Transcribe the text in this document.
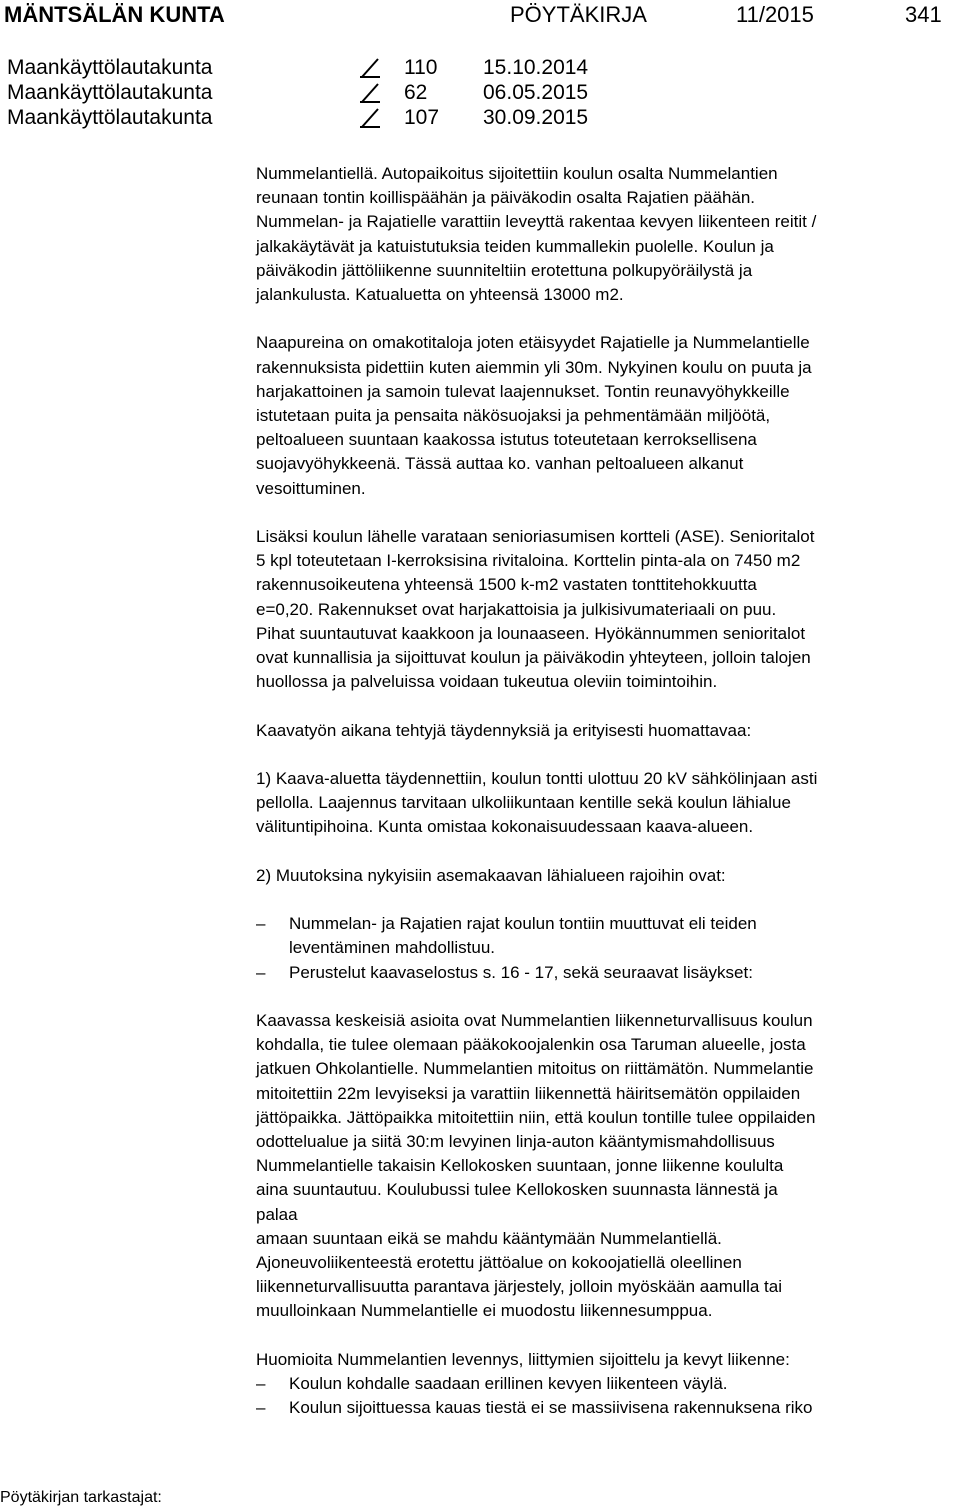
MÄNTSÄLÄN KUNTA	PÖYTÄKIRJA	11/2015	341
Maankäyttölautakunta	110 15.10.2014
Maankäyttölautakunta	62	06.05.2015
Maankäyttölautakunta	107 30.09.2015

Nummelantiellä. Autopaikoitus sijoitettiin koulun osalta Nummelantien
reunaan tontin koillispäähän ja päiväkodin osalta Rajatien päähän.
Nummelan- ja Rajatielle varattiin leveyttä rakentaa kevyen liikenteen reitit /
jalkakäytävät ja katuistutuksia teiden kummallekin puolelle. Koulun ja
päiväkodin jättöliikenne suunniteltiin erotettuna polkupyöräilystä ja
jalankulusta. Katualuetta on yhteensä 13000 m2.

Naapureina on omakotitaloja joten etäisyydet Rajatielle ja Nummelantielle
rakennuksista pidettiin kuten aiemmin yli 30m. Nykyinen koulu on puuta ja
harjakattoinen ja samoin tulevat laajennukset. Tontin reunavyöhykkeille
istutetaan puita ja pensaita näkösuojaksi ja pehmentämään miljöötä,
peltoalueen suuntaan kaakossa istutus toteutetaan kerroksellisena
suojavyöhykkeenä. Tässä auttaa ko. vanhan peltoalueen alkanut
vesoittuminen.

Lisäksi koulun lähelle varataan senioriasumisen kortteli (ASE). Senioritalot
5 kpl toteutetaan I-kerroksisina rivitaloina. Korttelin pinta-ala on 7450 m2
rakennusoikeutena yhteensä 1500 k-m2 vastaten tonttitehokkuutta
e=0,20. Rakennukset ovat harjakattoisia ja julkisivumateriaali on puu.
Pihat suuntautuvat kaakkoon ja lounaaseen. Hyökännummen senioritalot
ovat kunnallisia ja sijoittuvat koulun ja päiväkodin yhteyteen, jolloin talojen
huollossa ja palveluissa voidaan tukeutua oleviin toimintoihin.

Kaavatyön aikana tehtyjä täydennyksiä ja erityisesti huomattavaa:

1) Kaava-aluetta täydennettiin, koulun tontti ulottuu 20 kV sähkölinjaan asti
pellolla. Laajennus tarvitaan ulkoliikuntaan kentille sekä koulun lähialue
välituntipihoina. Kunta omistaa kokonaisuudessaan kaava-alueen.

2) Muutoksina nykyisiin asemakaavan lähialueen rajoihin ovat:

– Nummelan- ja Rajatien rajat koulun tontiin muuttuvat eli teiden
leventäminen mahdollistuu.
– Perustelut kaavaselostus s. 16 - 17, sekä seuraavat lisäykset:

Kaavassa keskeisiä asioita ovat Nummelantien liikenneturvallisuus koulun
kohdalla, tie tulee olemaan pääkokoojalenkin osa Taruman alueelle, josta
jatkuen Ohkolantielle. Nummelantien mitoitus on riittämätön. Nummelantie
mitoitettiin 22m levyiseksi ja varattiin liikennettä häiritsemätön oppilaiden
jättöpaikka. Jättöpaikka mitoitettiin niin, että koulun tontille tulee oppilaiden
odottelualue ja siitä 30:m levyinen linja-auton kääntymismahdollisuus
Nummelantielle takaisin Kellokosken suuntaan, jonne liikenne koululta
aina suuntautuu. Koulubussi tulee Kellokosken suunnasta lännestä ja
palaa
amaan suuntaan eikä se mahdu kääntymään Nummelantiellä.
Ajoneuvoliikenteestä erotettu jättöalue on kokoojatiellä oleellinen
liikenneturvallisuutta parantava järjestely, jolloin myöskään aamulla tai
muulloinkaan Nummelantielle ei muodostu liikennesumppua.

Huomioita Nummelantien levennys, liittymien sijoittelu ja kevyt liikenne:

– Koulun kohdalle saadaan erillinen kevyen liikenteen väylä.
– Koulun sijoittuessa kauas tiestä ei se massiivisena rakennuksena riko
Pöytäkirjan tarkastajat:
